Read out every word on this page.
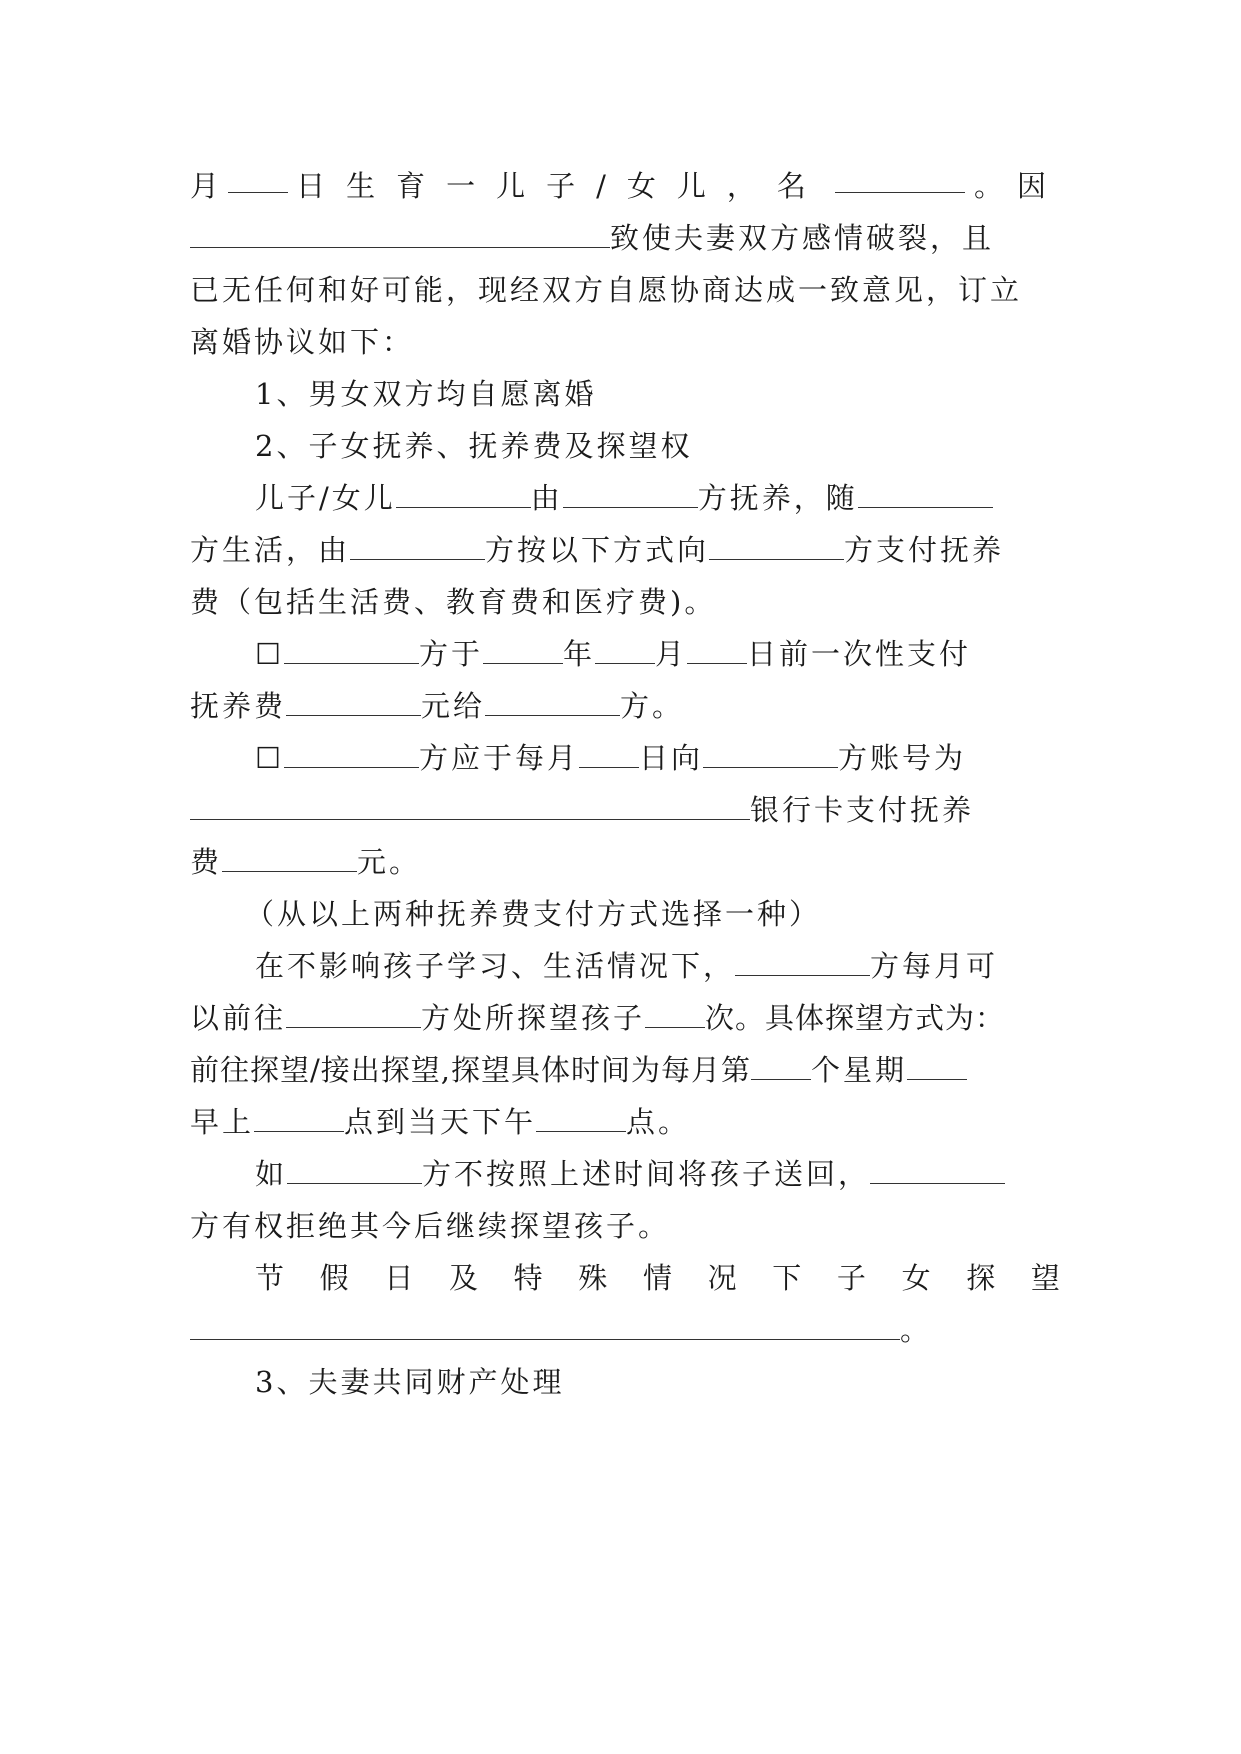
月	日生育一儿子/女儿，名	。因
致使夫妻双方感情破裂，且
已无任何和好可能，现经双方自愿协商达成一致意见，订立
离婚协议如下：
1、男女双方均自愿离婚
2、子女抚养、抚养费及探望权
儿子/女儿	由	方抚养，随
方生活，由	方按以下方式向	方支付抚养
费（包括生活费、教育费和医疗费)。
☐	方于	年 月 日前一次性支付
抚养费	元给	方。
☐	方应于每月 日向	方账号为
银行卡支付抚养
费	元。
（从以上两种抚养费支付方式选择一种）
在不影响孩子学习、生活情况下，	方每月可
以前往	方处所探望孩子 次。具体探望方式为：
前往探望/接出探望,探望具体时间为每月第 个星期
早上	点到当天下午	点。
如	方不按照上述时间将孩子送回，
方有权拒绝其今后继续探望孩子。
节 假 日 及 特 殊 情 况 下 子 女 探 望
。
3、夫妻共同财产处理
